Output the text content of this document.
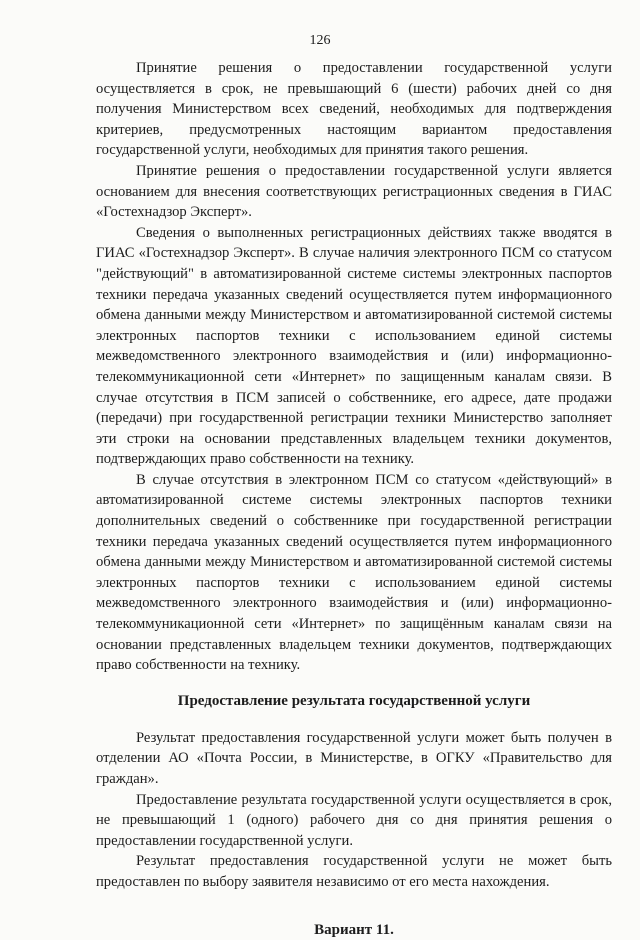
126

Принятие решения о предоставлении государственной услуги осуществляется в срок, не превышающий 6 (шести) рабочих дней со дня получения Министерством всех сведений, необходимых для подтверждения критериев, предусмотренных настоящим вариантом предоставления государственной услуги, необходимых для принятия такого решения.

Принятие решения о предоставлении государственной услуги является основанием для внесения соответствующих регистрационных сведения в ГИАС «Гостехнадзор Эксперт».

Сведения о выполненных регистрационных действиях также вводятся в ГИАС «Гостехнадзор Эксперт». В случае наличия электронного ПСМ со статусом "действующий" в автоматизированной системе системы электронных паспортов техники передача указанных сведений осуществляется путем информационного обмена данными между Министерством и автоматизированной системой системы электронных паспортов техники с использованием единой системы межведомственного электронного взаимодействия и (или) информационно-телекоммуникационной сети «Интернет» по защищенным каналам связи. В случае отсутствия в ПСМ записей о собственнике, его адресе, дате продажи (передачи) при государственной регистрации техники Министерство заполняет эти строки на основании представленных владельцем техники документов, подтверждающих право собственности на технику.

В случае отсутствия в электронном ПСМ со статусом «действующий» в автоматизированной системе системы электронных паспортов техники дополнительных сведений о собственнике при государственной регистрации техники передача указанных сведений осуществляется путем информационного обмена данными между Министерством и автоматизированной системой системы электронных паспортов техники с использованием единой системы межведомственного электронного взаимодействия и (или) информационно-телекоммуникационной сети «Интернет» по защищённым каналам связи на основании представленных владельцем техники документов, подтверждающих право собственности на технику.

Предоставление результата государственной услуги

Результат предоставления государственной услуги может быть получен в отделении АО «Почта России, в Министерстве, в ОГКУ «Правительство для граждан».

Предоставление результата государственной услуги осуществляется в срок, не превышающий 1 (одного) рабочего дня со дня принятия решения о предоставлении государственной услуги.

Результат предоставления государственной услуги не может быть предоставлен по выбору заявителя независимо от его места нахождения.

Вариант 11.
